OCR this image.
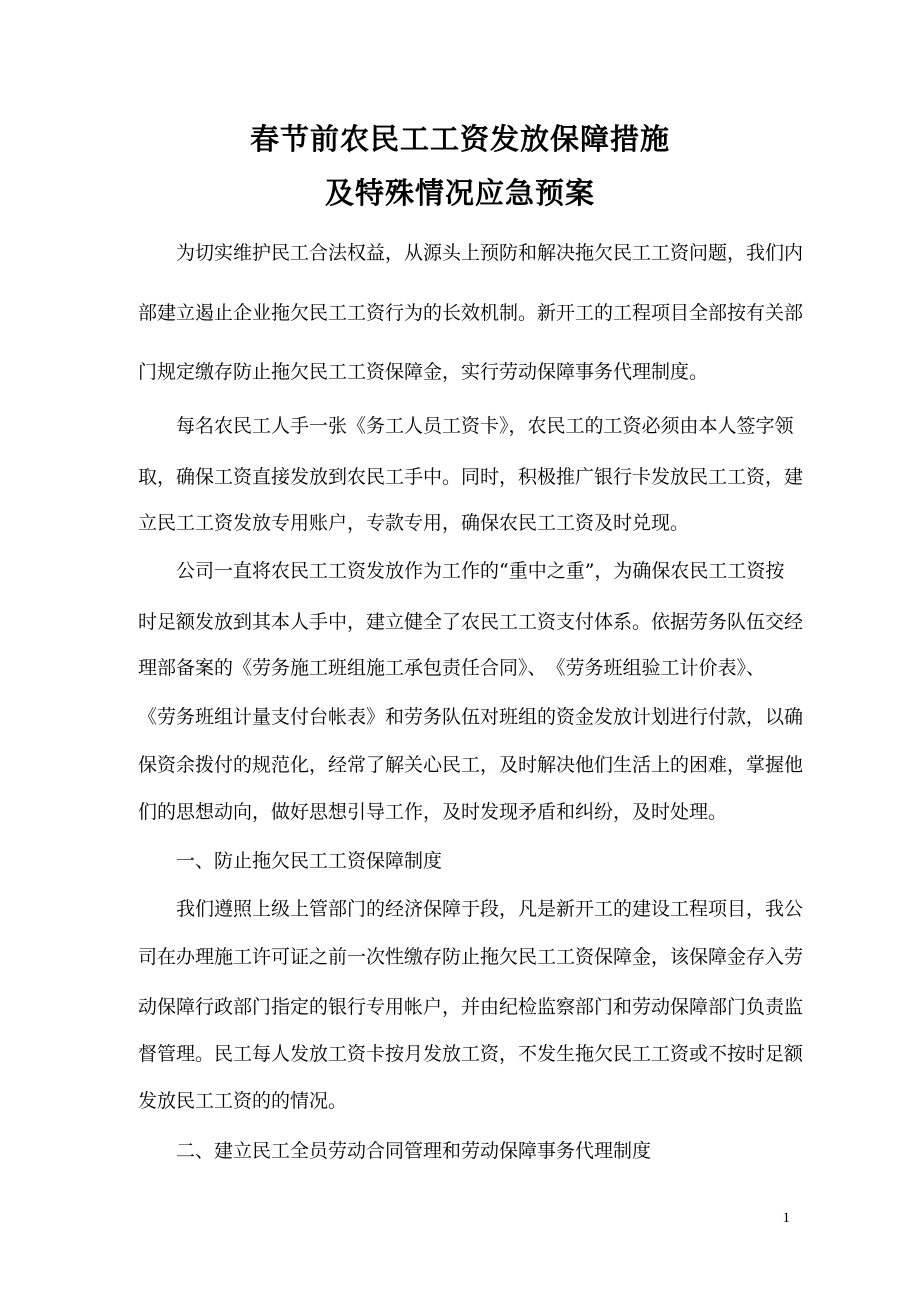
春节前农民工工资发放保障措施
及特殊情况应急预案
为切实维护民工合法权益，从源头上预防和解决拖欠民工工资问题，我们内
部建立遏止企业拖欠民工工资行为的长效机制。新开工的工程项目全部按有关部
门规定缴存防止拖欠民工工资保障金，实行劳动保障事务代理制度。
每名农民工人手一张《务工人员工资卡》，农民工的工资必须由本人签字领
取，确保工资直接发放到农民工手中。同时，积极推广银行卡发放民工工资，建
立民工工资发放专用账户，专款专用，确保农民工工资及时兑现。
公司一直将农民工工资发放作为工作的“重中之重”，为确保农民工工资按
时足额发放到其本人手中，建立健全了农民工工资支付体系。依据劳务队伍交经
理部备案的《劳务施工班组施工承包责任合同》、　《劳务班组验工计价表》、
《劳务班组计量支付台帐表》和劳务队伍对班组的资金发放计划进行付款，以确
保资余拨付的规范化，经常了解关心民工，及时解决他们生活上的困难，掌握他
们的思想动向，做好思想引导工作，及时发现矛盾和纠纷，及时处理。
一、防止拖欠民工工资保障制度
我们遵照上级上管部门的经济保障于段，凡是新开工的建设工程项目，我公
司在办理施工许可证之前一次性缴存防止拖欠民工工资保障金，该保障金存入劳
动保障行政部门指定的银行专用帐户，并由纪检监察部门和劳动保障部门负责监
督管理。民工每人发放工资卡按月发放工资，不发生拖欠民工工资或不按时足额
发放民工工资的的情况。
二、建立民工全员劳动合同管理和劳动保障事务代理制度
1
